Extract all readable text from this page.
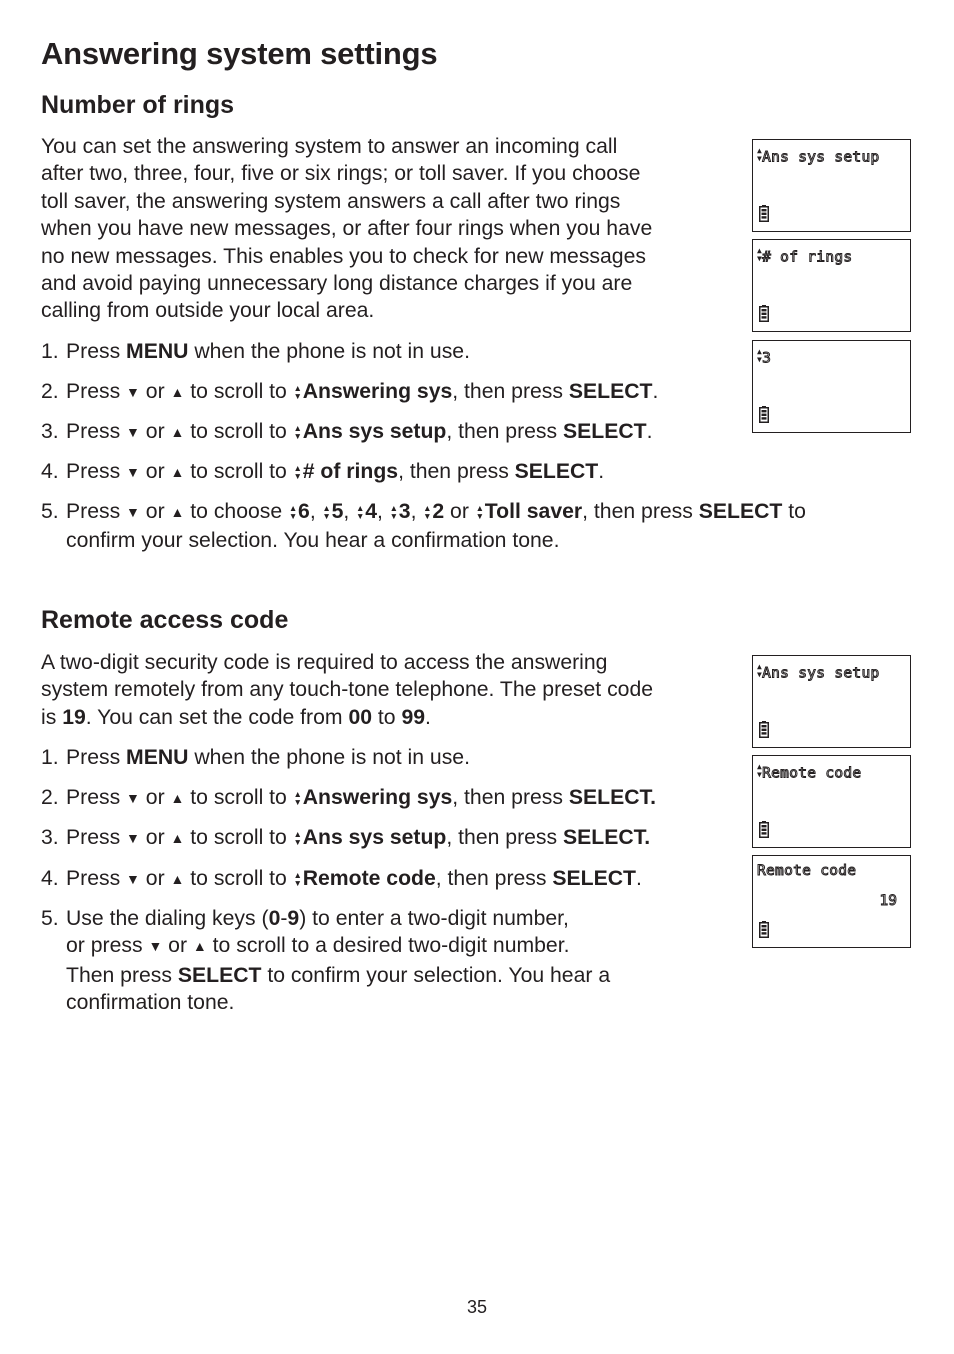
Answering system settings
Number of rings
You can set the answering system to answer an incoming call
after two, three, four, five or six rings; or toll saver. If you choose
toll saver, the answering system answers a call after two rings
when you have new messages, or after four rings when you have
no new messages. This enables you to check for new messages
and avoid paying unnecessary long distance charges if you are
calling from outside your local area.
1. Press MENU when the phone is not in use.
2. Press ▼ or ▲ to scroll to ▲
▼ Answering sys, then press SELECT.
3. Press ▼ or ▲ to scroll to ▲
▼ Ans sys setup, then press SELECT.
4. Press ▼ or ▲ to scroll to ▲
▼ # of rings, then press SELECT.
5. Press ▼ or ▲ to choose ▲
▼ 6, ▲
▼ 5, ▲
▼ 4, ▲
▼ 3, ▲
▼ 2 or ▲
▼ Toll saver, then press SELECT to
confirm your selection. You hear a confirmation tone.
▲
▼ Ans sys setup
▲
▼ # of rings
▲
▼ 3
Remote access code
A two-digit security code is required to access the answering
system remotely from any touch-tone telephone. The preset code
is 19. You can set the code from 00 to 99.
1. Press MENU when the phone is not in use.
2. Press ▼ or ▲ to scroll to ▲
▼ Answering sys, then press SELECT.
3. Press ▼ or ▲ to scroll to ▲
▼ Ans sys setup, then press SELECT.
4. Press ▼ or ▲ to scroll to ▲
▼ Remote code, then press SELECT.
5. Use the dialing keys (0-9) to enter a two-digit number,
or press ▼ or ▲ to scroll to a desired two-digit number.
Then press SELECT to confirm your selection. You hear a
confirmation tone.
▲
▼ Ans sys setup
▲
▼ Remote code
Remote code
19
35
